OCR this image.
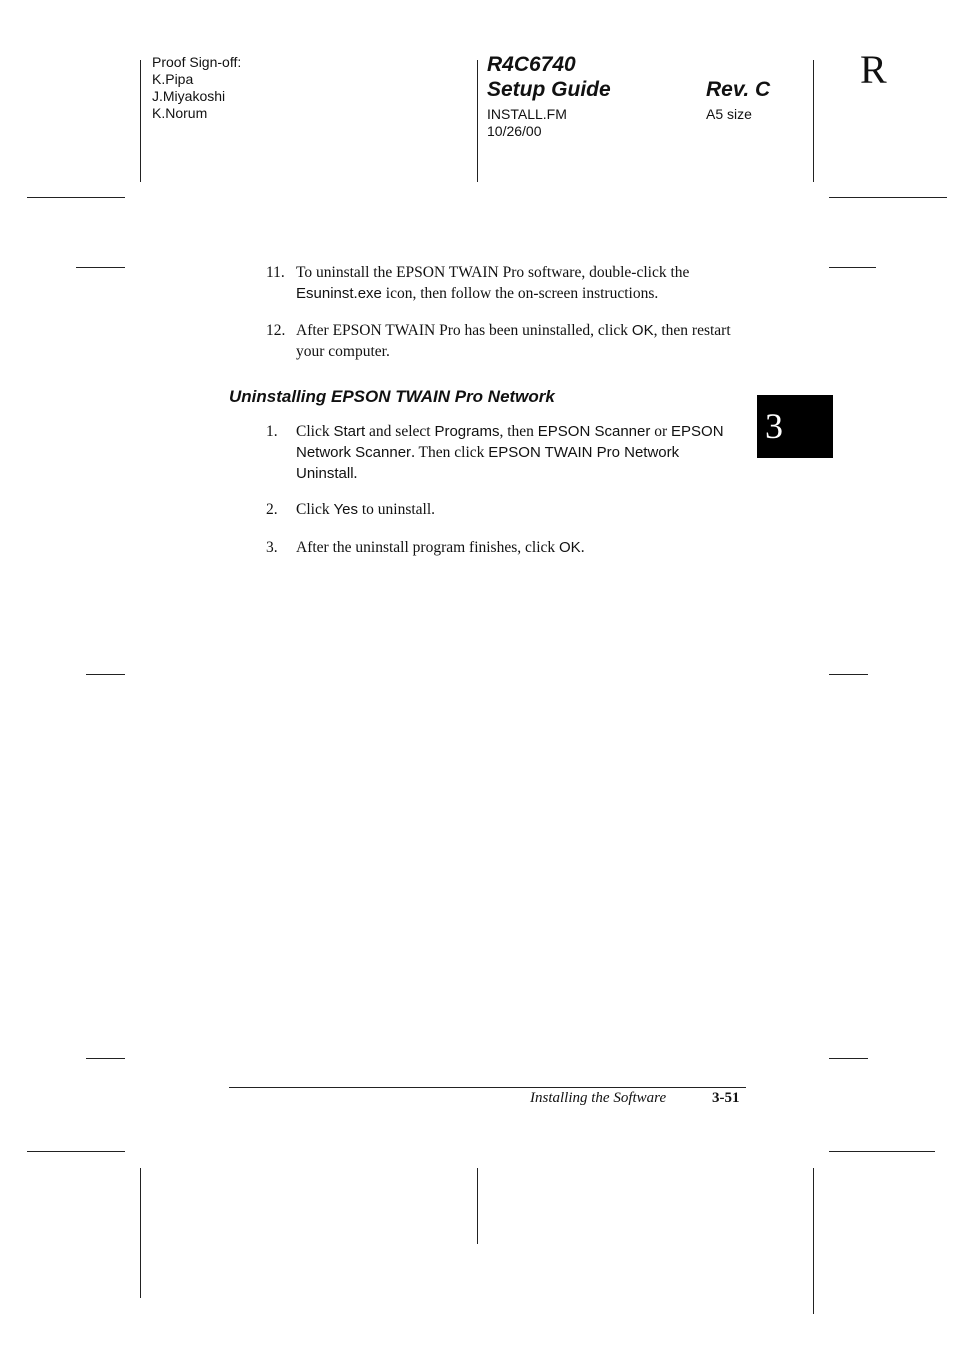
Proof Sign-off:
K.Pipa
J.Miyakoshi
K.Norum
R4C6740
Setup Guide	Rev. C
INSTALL.FM
10/26/00
A5 size
R
11. To uninstall the EPSON TWAIN Pro software, double-click the Esuninst.exe icon, then follow the on-screen instructions.
12. After EPSON TWAIN Pro has been uninstalled, click OK, then restart your computer.
Uninstalling EPSON TWAIN Pro Network
3
1. Click Start and select Programs, then EPSON Scanner or EPSON Network Scanner. Then click EPSON TWAIN Pro Network Uninstall.
2. Click Yes to uninstall.
3. After the uninstall program finishes, click OK.
Installing the Software	3-51
